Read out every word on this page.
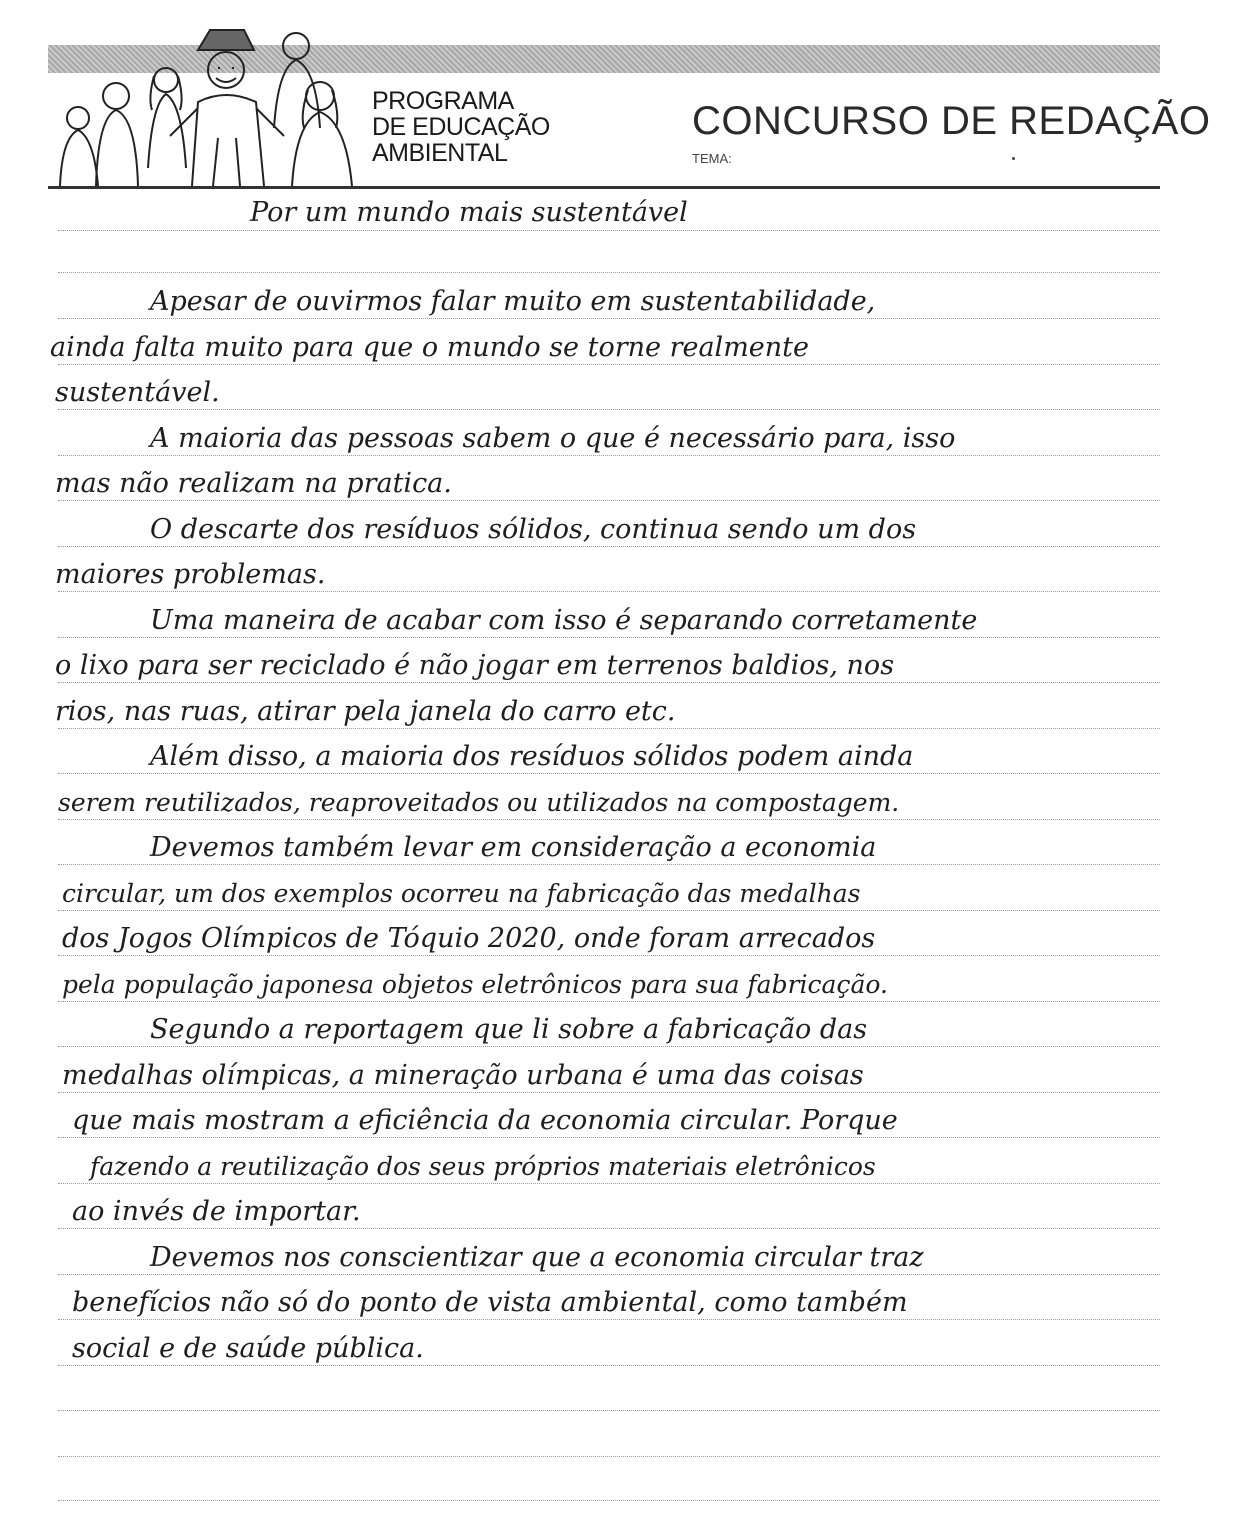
PROGRAMA
DE EDUCAÇÃO
AMBIENTAL
CONCURSO DE REDAÇÃO
TEMA:
Por um mundo mais sustentável
Apesar de ouvirmos falar muito em sustentabilidade,
ainda falta muito para que o mundo se torne realmente
sustentável.
A maioria das pessoas sabem o que é necessário para, isso
mas não realizam na pratica.
O descarte dos resíduos sólidos, continua sendo um dos
maiores problemas.
Uma maneira de acabar com isso é separando corretamente
o lixo para ser reciclado é não jogar em terrenos baldios, nos
rios, nas ruas, atirar pela janela do carro etc.
Além disso, a maioria dos resíduos sólidos podem ainda
serem reutilizados, reaproveitados ou utilizados na compostagem.
Devemos também levar em consideração a economia
circular, um dos exemplos ocorreu na fabricação das medalhas
dos Jogos Olímpicos de Tóquio 2020, onde foram arrecados
pela população japonesa objetos eletrônicos para sua fabricação.
Segundo a reportagem que li sobre a fabricação das
medalhas olímpicas, a mineração urbana é uma das coisas
que mais mostram a eficiência da economia circular. Porque
fazendo a reutilização dos seus próprios materiais eletrônicos
ao invés de importar.
Devemos nos conscientizar que a economia circular traz
benefícios não só do ponto de vista ambiental, como também
social e de saúde pública.
